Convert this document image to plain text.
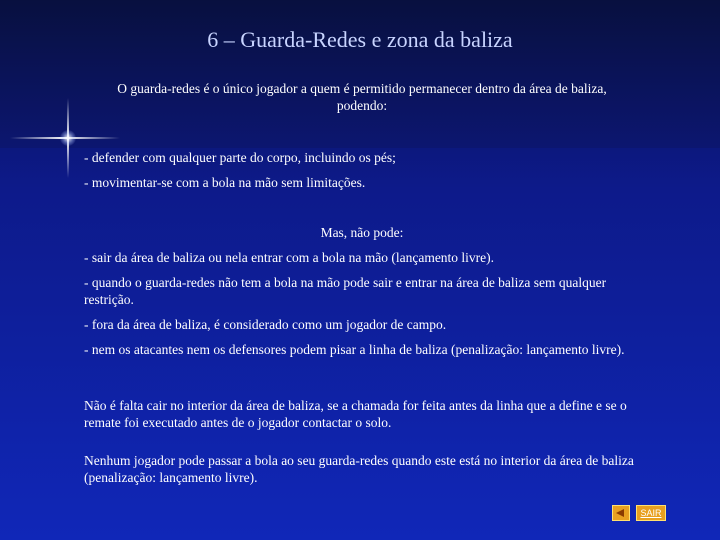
6 – Guarda-Redes e zona da baliza
O guarda-redes é o único jogador a quem é permitido permanecer dentro da área de baliza,
podendo:
- defender com qualquer parte do corpo, incluindo os pés;
- movimentar-se com a bola na mão sem limitações.
Mas, não pode:
- sair da área de baliza ou nela entrar com a bola na mão (lançamento livre).
- quando o guarda-redes não tem a bola na mão pode sair e entrar na área de baliza sem qualquer restrição.
- fora da área de baliza, é considerado como um jogador de campo.
- nem os atacantes nem os defensores podem pisar a linha de baliza (penalização: lançamento livre).
Não é falta cair no interior da área de baliza, se a chamada for feita antes da linha que a define e se o remate foi executado antes de o jogador contactar o solo.
Nenhum jogador pode passar a bola ao seu guarda-redes quando este está no interior da área de baliza (penalização: lançamento livre).
SAIR
